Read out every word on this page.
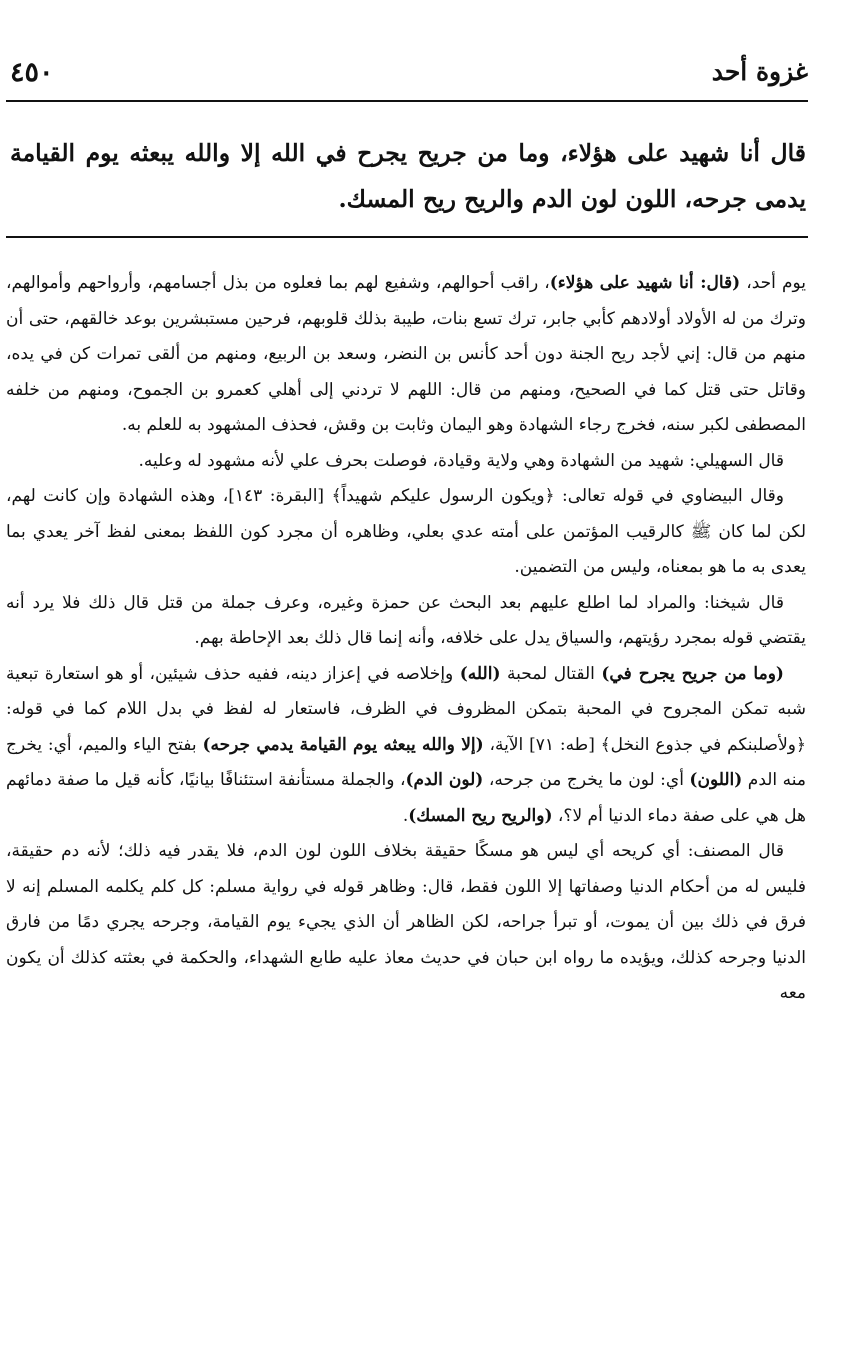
٤٥٠	غزوة أحد
قال أنا شهيد على هؤلاء، وما من جريح يجرح في الله إلا والله يبعثه يوم القيامة يدمى جرحه، اللون لون الدم والريح ريح المسك.

يوم أحد، (قال: أنا شهيد على هؤلاء)، راقب أحوالهم، وشفيع لهم بما فعلوه من بذل أجسامهم، وأرواحهم وأموالهم، وترك من له الأولاد أولادهم كأبي جابر، ترك تسع بنات، طيبة بذلك قلوبهم، فرحين مستبشرين بوعد خالقهم، حتى أن منهم من قال: إني لأجد ريح الجنة دون أحد كأنس بن النضر، وسعد بن الربيع، ومنهم من ألقى تمرات كن في يده، وقاتل حتى قتل كما في الصحيح، ومنهم من قال: اللهم لا تردني إلى أهلي كعمرو بن الجموح، ومنهم من خلفه المصطفى لكبر سنه، فخرج رجاء الشهادة وهو اليمان وثابت بن وقش، فحذف المشهود به للعلم به.

قال السهيلي: شهيد من الشهادة وهي ولاية وقيادة، فوصلت بحرف علي لأنه مشهود له وعليه.

وقال البيضاوي في قوله تعالى: ﴿ويكون الرسول عليكم شهيداً﴾ [البقرة: ١٤٣]، وهذه الشهادة وإن كانت لهم، لكن لما كان ﷺ كالرقيب المؤتمن على أمته عدي بعلي، وظاهره أن مجرد كون اللفظ بمعنى لفظ آخر يعدي بما يعدى به ما هو بمعناه، وليس من التضمين.

قال شيخنا: والمراد لما اطلع عليهم بعد البحث عن حمزة وغيره، وعرف جملة من قتل قال ذلك فلا يرد أنه يقتضي قوله بمجرد رؤيتهم، والسياق يدل على خلافه، وأنه إنما قال ذلك بعد الإحاطة بهم.

(وما من جريح يجرح في) القتال لمحبة (الله) وإخلاصه في إعزاز دينه، ففيه حذف شيئين، أو هو استعارة تبعية شبه تمكن المجروح في المحبة بتمكن المظروف في الظرف، فاستعار له لفظ في بدل اللام كما في قوله: ﴿ولأصلبنكم في جذوع النخل﴾ [طه: ٧١] الآية، (إلا والله يبعثه يوم القيامة يدمي جرحه) بفتح الياء والميم، أي: يخرج منه الدم (اللون) أي: لون ما يخرج من جرحه، (لون الدم)، والجملة مستأنفة استئنافًا بيانيًا، كأنه قيل ما صفة دمائهم هل هي على صفة دماء الدنيا أم لا؟، (والريح ريح المسك).

قال المصنف: أي كريحه أي ليس هو مسكًا حقيقة بخلاف اللون لون الدم، فلا يقدر فيه ذلك؛ لأنه دم حقيقة، فليس له من أحكام الدنيا وصفاتها إلا اللون فقط، قال: وظاهر قوله في رواية مسلم: كل كلم يكلمه المسلم إنه لا فرق في ذلك بين أن يموت، أو تبرأ جراحه، لكن الظاهر أن الذي يجيء يوم القيامة، وجرحه يجري دمًا من فارق الدنيا وجرحه كذلك، ويؤيده ما رواه ابن حبان في حديث معاذ عليه طابع الشهداء، والحكمة في بعثته كذلك أن يكون معه
